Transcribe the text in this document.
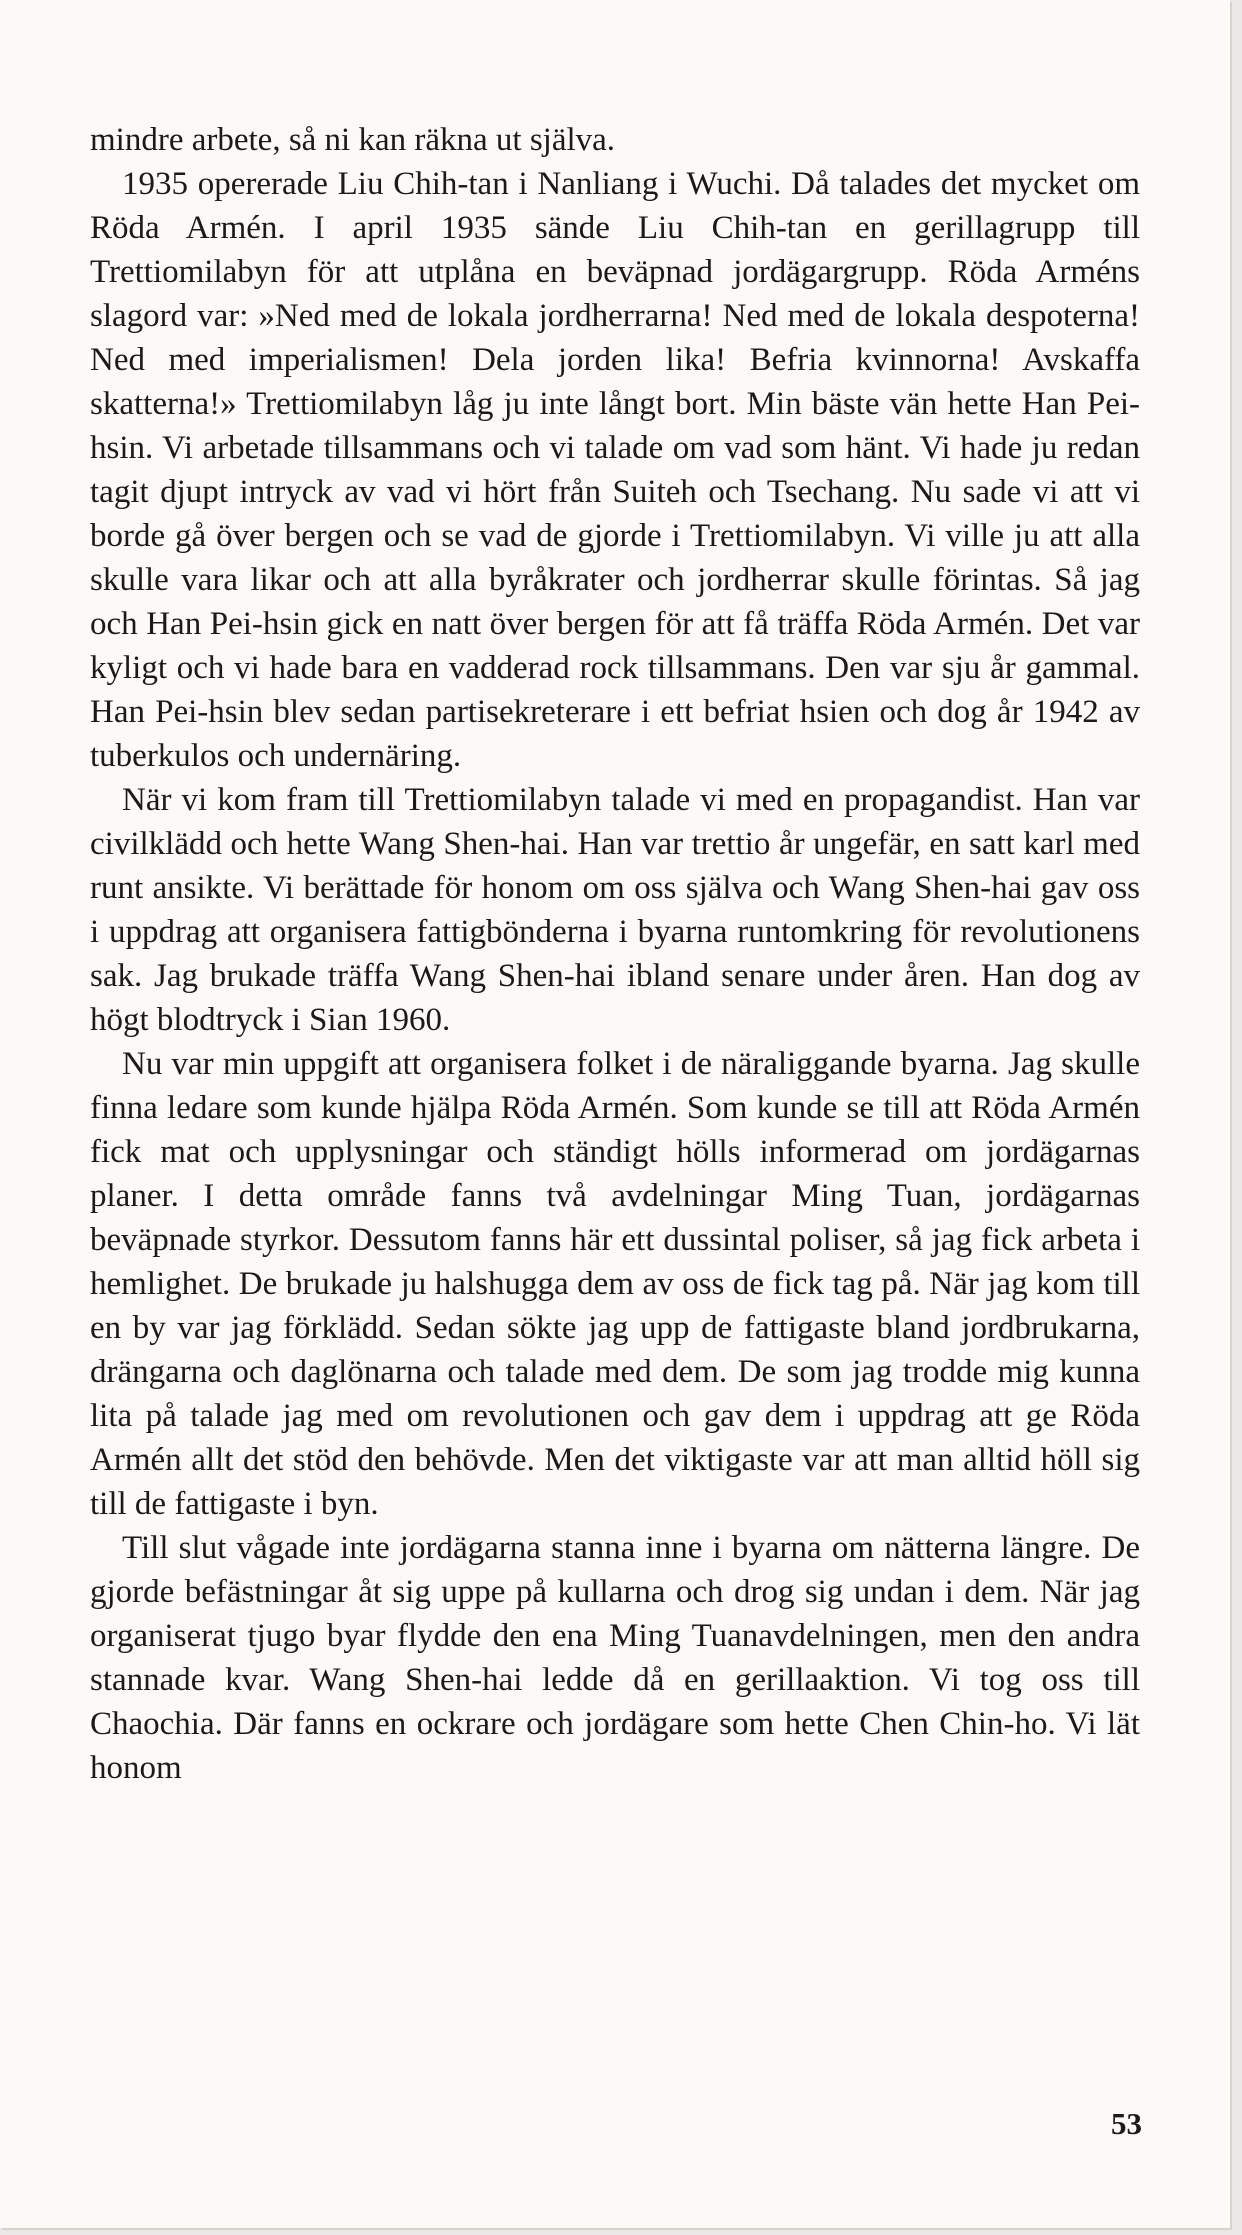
mindre arbete, så ni kan räkna ut själva.

1935 opererade Liu Chih-tan i Nanliang i Wuchi. Då talades det mycket om Röda Armén. I april 1935 sände Liu Chih-tan en gerillagrupp till Trettiomilabyn för att utplåna en beväpnad jordägargrupp. Röda Arméns slagord var: »Ned med de lokala jordherrarna! Ned med de lokala despoterna! Ned med imperialismen! Dela jorden lika! Befria kvinnorna! Avskaffa skatterna!» Trettiomilabyn låg ju inte långt bort. Min bäste vän hette Han Pei-hsin. Vi arbetade tillsammans och vi talade om vad som hänt. Vi hade ju redan tagit djupt intryck av vad vi hört från Suiteh och Tsechang. Nu sade vi att vi borde gå över bergen och se vad de gjorde i Trettiomilabyn. Vi ville ju att alla skulle vara likar och att alla byråkrater och jordherrar skulle förintas. Så jag och Han Pei-hsin gick en natt över bergen för att få träffa Röda Armén. Det var kyligt och vi hade bara en vadderad rock tillsammans. Den var sju år gammal. Han Pei-hsin blev sedan partisekreterare i ett befriat hsien och dog år 1942 av tuberkulos och undernäring.

När vi kom fram till Trettiomilabyn talade vi med en propagandist. Han var civilklädd och hette Wang Shen-hai. Han var trettio år ungefär, en satt karl med runt ansikte. Vi berättade för honom om oss själva och Wang Shen-hai gav oss i uppdrag att organisera fattigbönderna i byarna runtomkring för revolutionens sak. Jag brukade träffa Wang Shen-hai ibland senare under åren. Han dog av högt blodtryck i Sian 1960.

Nu var min uppgift att organisera folket i de näraliggande byarna. Jag skulle finna ledare som kunde hjälpa Röda Armén. Som kunde se till att Röda Armén fick mat och upplysningar och ständigt hölls informerad om jordägarnas planer. I detta område fanns två avdelningar Ming Tuan, jordägarnas beväpnade styrkor. Dessutom fanns här ett dussintal poliser, så jag fick arbeta i hemlighet. De brukade ju halshugga dem av oss de fick tag på. När jag kom till en by var jag förklädd. Sedan sökte jag upp de fattigaste bland jordbrukarna, drängarna och daglönarna och talade med dem. De som jag trodde mig kunna lita på talade jag med om revolutionen och gav dem i uppdrag att ge Röda Armén allt det stöd den behövde. Men det viktigaste var att man alltid höll sig till de fattigaste i byn.

Till slut vågade inte jordägarna stanna inne i byarna om nätterna längre. De gjorde befästningar åt sig uppe på kullarna och drog sig undan i dem. När jag organiserat tjugo byar flydde den ena Ming Tuanavdelningen, men den andra stannade kvar. Wang Shen-hai ledde då en gerillaaktion. Vi tog oss till Chaochia. Där fanns en ockrare och jordägare som hette Chen Chin-ho. Vi lät honom

53
